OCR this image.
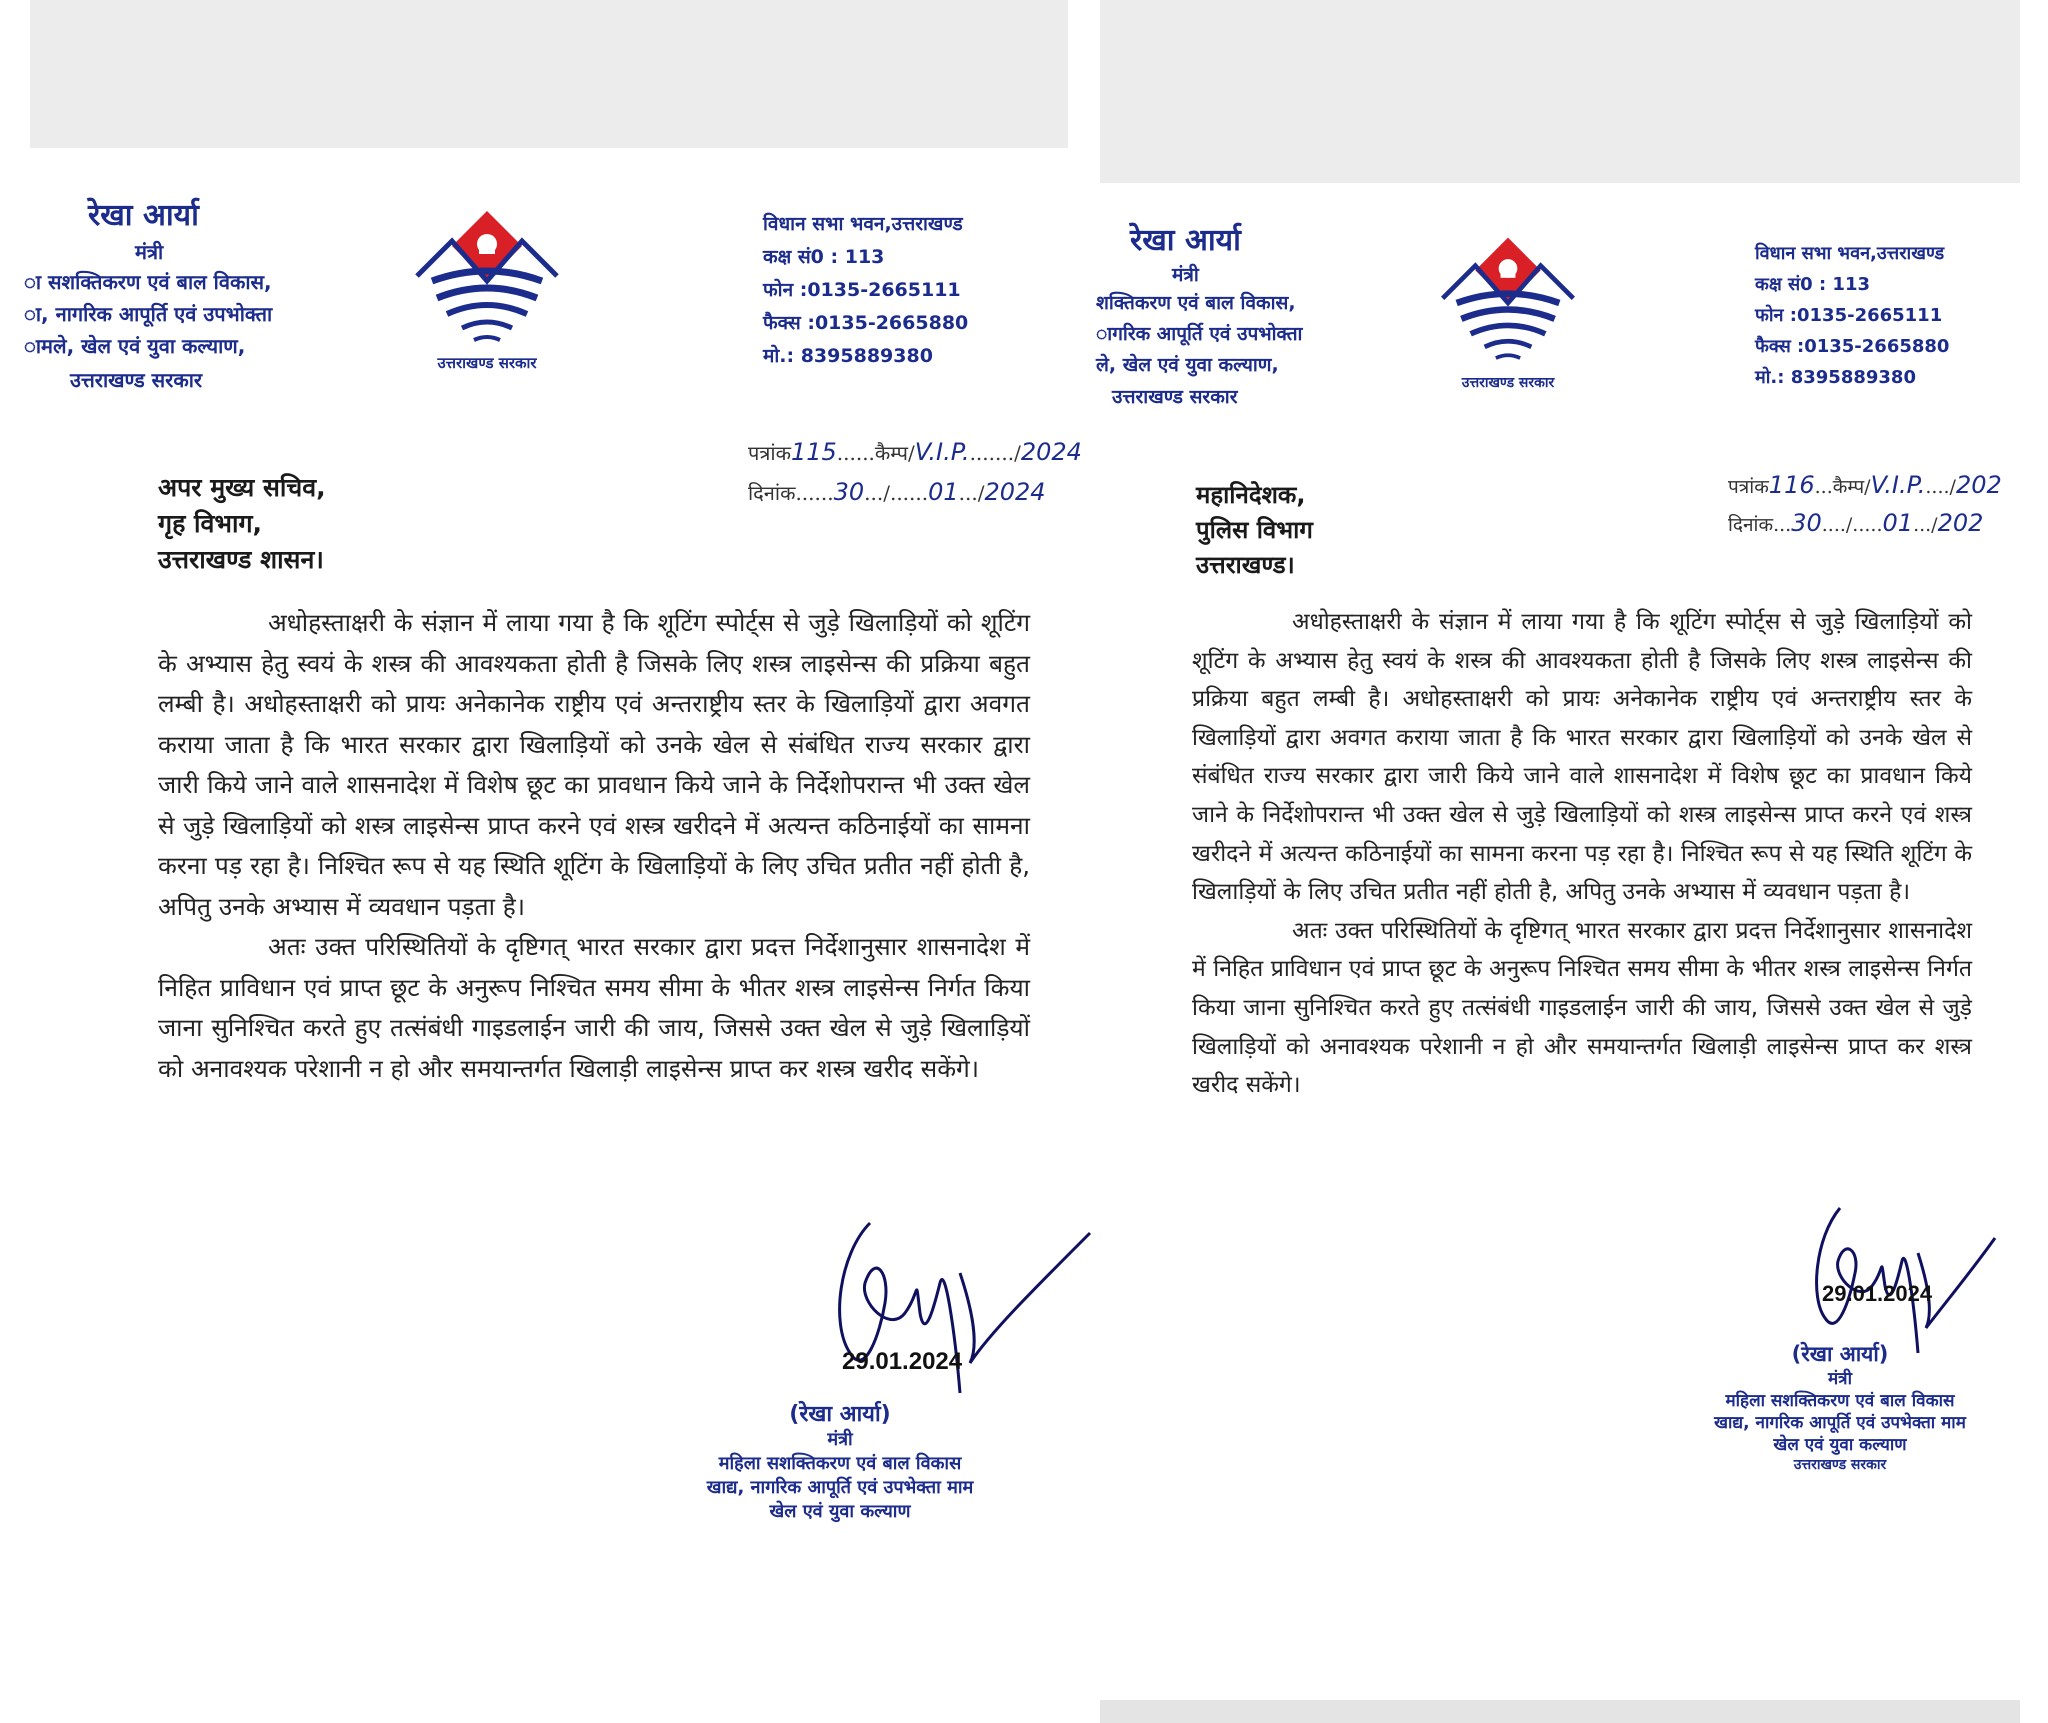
रेखा आर्या
मंत्री
ा सशक्तिकरण एवं बाल विकास,
ा, नागरिक आपूर्ति एवं उपभोक्ता
ामले, खेल एवं युवा कल्याण,
उत्तराखण्ड सरकार
उत्तराखण्ड सरकार
विधान सभा भवन,उत्तराखण्ड
कक्ष सं0 : 113
फोन :0135-2665111
फैक्स :0135-2665880
मो.: 8395889380
पत्रांक115......कैम्प/V.I.P......../2024
दिनांक......30.../......01.../2024
अपर मुख्य सचिव,
गृह विभाग,
उत्तराखण्ड शासन।

अधोहस्ताक्षरी के संज्ञान में लाया गया है कि शूटिंग स्पोर्ट्स से जुड़े खिलाड़ियों को शूटिंग के अभ्यास हेतु स्वयं के शस्त्र की आवश्यकता होती है जिसके लिए शस्त्र लाइसेन्स की प्रक्रिया बहुत लम्बी है। अधोहस्ताक्षरी को प्रायः अनेकानेक राष्ट्रीय एवं अन्तराष्ट्रीय स्तर के खिलाड़ियों द्वारा अवगत कराया जाता है कि भारत सरकार द्वारा खिलाड़ियों को उनके खेल से संबंधित राज्य सरकार द्वारा जारी किये जाने वाले शासनादेश में विशेष छूट का प्रावधान किये जाने के निर्देशोपरान्त भी उक्त खेल से जुड़े खिलाड़ियों को शस्त्र लाइसेन्स प्राप्त करने एवं शस्त्र खरीदने में अत्यन्त कठिनाईयों का सामना करना पड़ रहा है। निश्चित रूप से यह स्थिति शूटिंग के खिलाड़ियों के लिए उचित प्रतीत नहीं होती है, अपितु उनके अभ्यास में व्यवधान पड़ता है।

अतः उक्त परिस्थितियों के दृष्टिगत् भारत सरकार द्वारा प्रदत्त निर्देशानुसार शासनादेश में निहित प्राविधान एवं प्राप्त छूट के अनुरूप निश्चित समय सीमा के भीतर शस्त्र लाइसेन्स निर्गत किया जाना सुनिश्चित करते हुए तत्संबंधी गाइडलाईन जारी की जाय, जिससे उक्त खेल से जुड़े खिलाड़ियों को अनावश्यक परेशानी न हो और समयान्तर्गत खिलाड़ी लाइसेन्स प्राप्त कर शस्त्र खरीद सकेंगे।

29.01.2024
(रेखा आर्या)
मंत्री
महिला सशक्तिकरण एवं बाल विकास
खाद्य, नागरिक आपूर्ति एवं उपभेक्ता माम
खेल एवं युवा कल्याण
रेखा आर्या
मंत्री
शक्तिकरण एवं बाल विकास,
ागरिक आपूर्ति एवं उपभोक्ता
ले, खेल एवं युवा कल्याण,
उत्तराखण्ड सरकार
उत्तराखण्ड सरकार
विधान सभा भवन,उत्तराखण्ड
कक्ष सं0 : 113
फोन :0135-2665111
फैक्स :0135-2665880
मो.: 8395889380
पत्रांक116...कैम्प/V.I.P...../202
दिनांक...30..../.....01.../202
महानिदेशक,
पुलिस विभाग
उत्तराखण्ड।

अधोहस्ताक्षरी के संज्ञान में लाया गया है कि शूटिंग स्पोर्ट्स से जुड़े खिलाड़ियों को शूटिंग के अभ्यास हेतु स्वयं के शस्त्र की आवश्यकता होती है जिसके लिए शस्त्र लाइसेन्स की प्रक्रिया बहुत लम्बी है। अधोहस्ताक्षरी को प्रायः अनेकानेक राष्ट्रीय एवं अन्तराष्ट्रीय स्तर के खिलाड़ियों द्वारा अवगत कराया जाता है कि भारत सरकार द्वारा खिलाड़ियों को उनके खेल से संबंधित राज्य सरकार द्वारा जारी किये जाने वाले शासनादेश में विशेष छूट का प्रावधान किये जाने के निर्देशोपरान्त भी उक्त खेल से जुड़े खिलाड़ियों को शस्त्र लाइसेन्स प्राप्त करने एवं शस्त्र खरीदने में अत्यन्त कठिनाईयों का सामना करना पड़ रहा है। निश्चित रूप से यह स्थिति शूटिंग के खिलाड़ियों के लिए उचित प्रतीत नहीं होती है, अपितु उनके अभ्यास में व्यवधान पड़ता है।

अतः उक्त परिस्थितियों के दृष्टिगत् भारत सरकार द्वारा प्रदत्त निर्देशानुसार शासनादेश में निहित प्राविधान एवं प्राप्त छूट के अनुरूप निश्चित समय सीमा के भीतर शस्त्र लाइसेन्स निर्गत किया जाना सुनिश्चित करते हुए तत्संबंधी गाइडलाईन जारी की जाय, जिससे उक्त खेल से जुड़े खिलाड़ियों को अनावश्यक परेशानी न हो और समयान्तर्गत खिलाड़ी लाइसेन्स प्राप्त कर शस्त्र खरीद सकेंगे।

29.01.2024
(रेखा आर्या)
मंत्री
महिला सशक्तिकरण एवं बाल विकास
खाद्य, नागरिक आपूर्ति एवं उपभेक्ता माम
खेल एवं युवा कल्याण
उत्तराखण्ड सरकार
